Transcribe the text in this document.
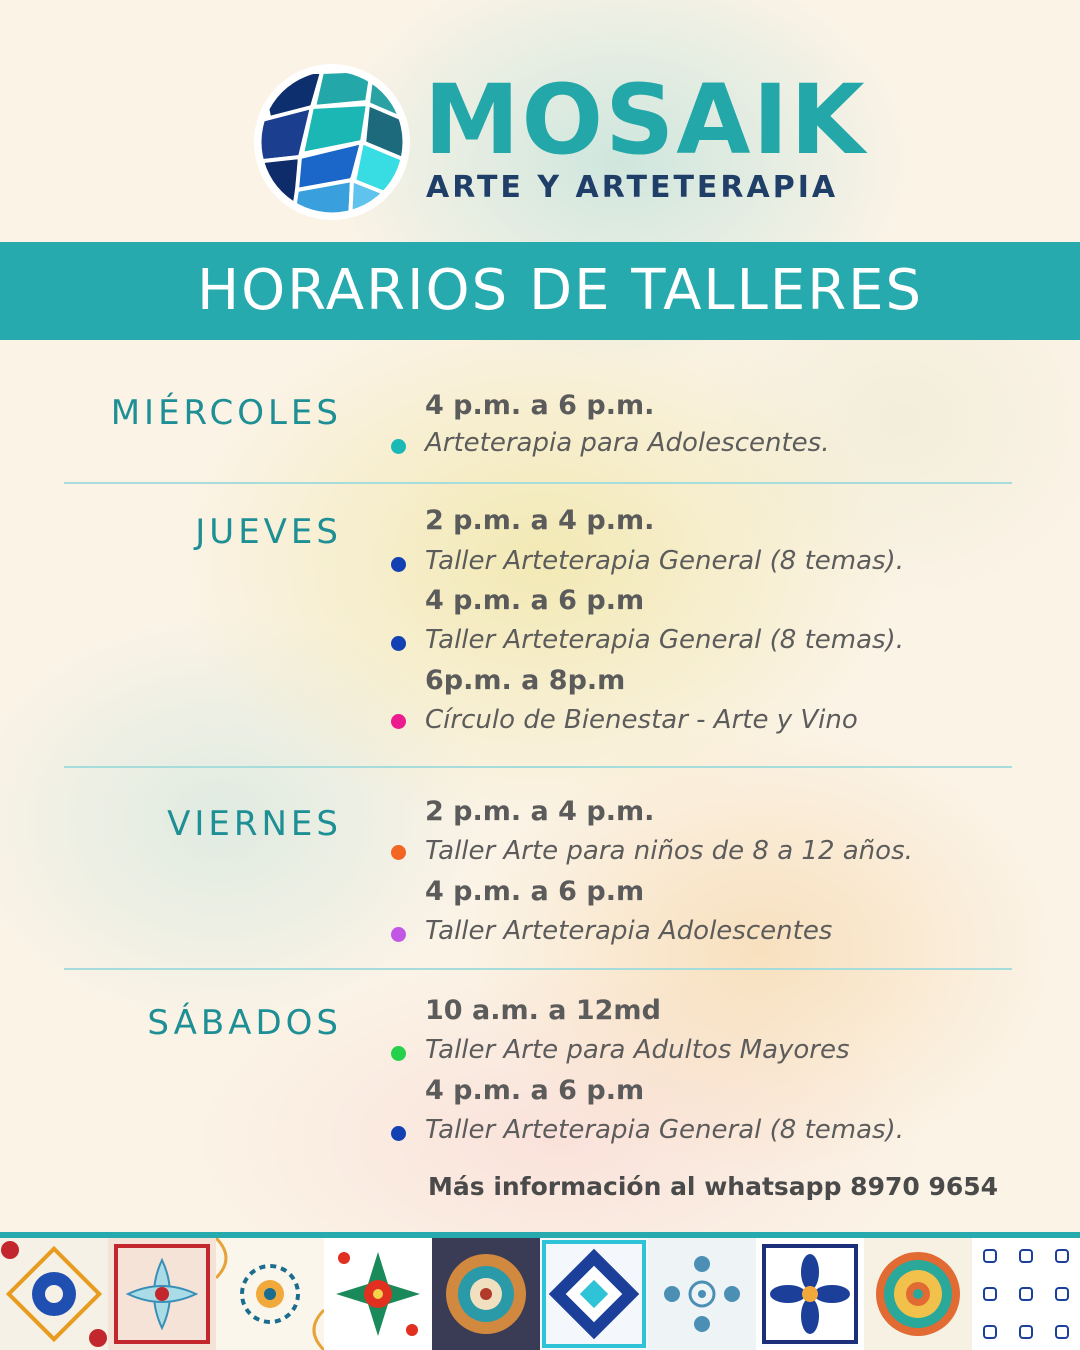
MOSAIK
ARTE Y ARTETERAPIA
HORARIOS DE TALLERES
MIÉRCOLES	4 p.m. a 6 p.m.
Arteterapia para Adolescentes.
JUEVES	2 p.m. a 4 p.m.
Taller Arteterapia General (8 temas).
4 p.m. a 6 p.m
Taller Arteterapia General (8 temas).
6p.m. a 8p.m
Círculo de Bienestar - Arte y Vino
VIERNES	2 p.m. a 4 p.m.
Taller Arte para niños de 8 a 12 años.
4 p.m. a 6 p.m
Taller Arteterapia Adolescentes
SÁBADOS	10 a.m. a 12md
Taller Arte para Adultos Mayores
4 p.m. a 6 p.m
Taller Arteterapia General (8 temas).
Más información al whatsapp 8970 9654
